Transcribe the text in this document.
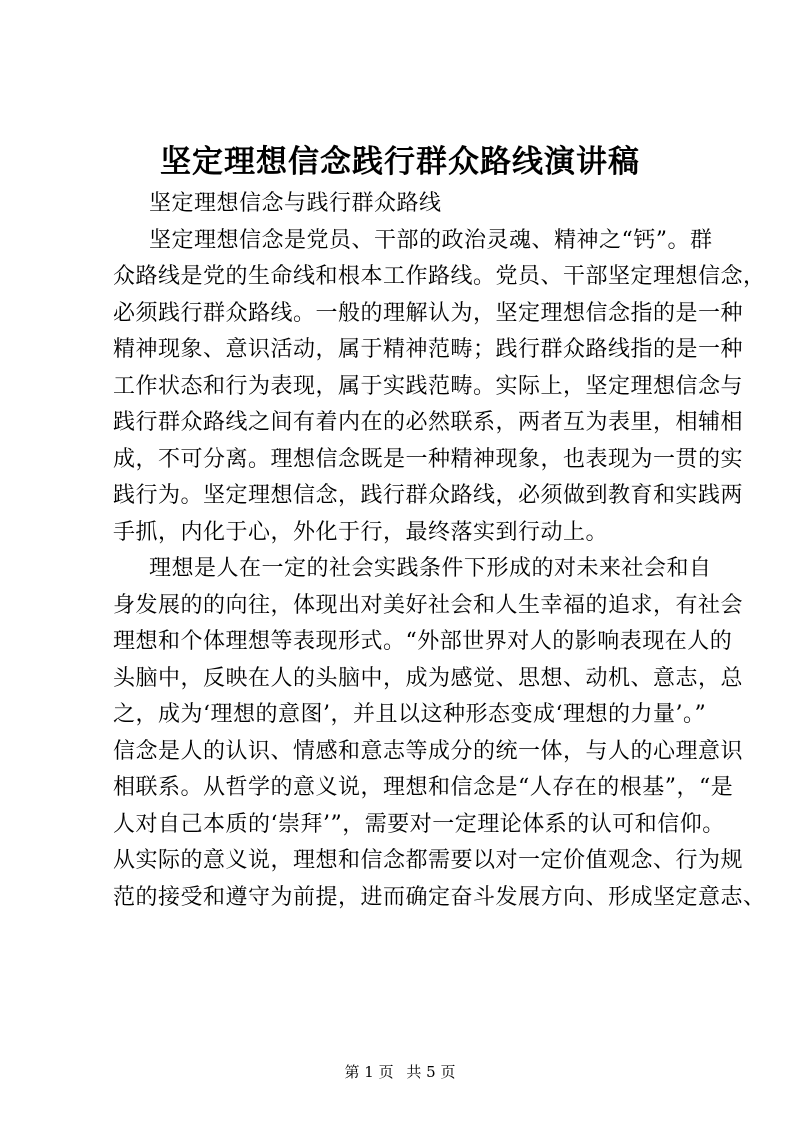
坚定理想信念践行群众路线演讲稿
坚定理想信念与践行群众路线
坚定理想信念是党员、干部的政治灵魂、精神之“钙”。群
众路线是党的生命线和根本工作路线。党员、干部坚定理想信念，
必须践行群众路线。一般的理解认为，坚定理想信念指的是一种
精神现象、意识活动，属于精神范畴；践行群众路线指的是一种
工作状态和行为表现，属于实践范畴。实际上，坚定理想信念与
践行群众路线之间有着内在的必然联系，两者互为表里，相辅相
成，不可分离。理想信念既是一种精神现象，也表现为一贯的实
践行为。坚定理想信念，践行群众路线，必须做到教育和实践两
手抓，内化于心，外化于行，最终落实到行动上。
理想是人在一定的社会实践条件下形成的对未来社会和自
身发展的的向往，体现出对美好社会和人生幸福的追求，有社会
理想和个体理想等表现形式。“外部世界对人的影响表现在人的
头脑中，反映在人的头脑中，成为感觉、思想、动机、意志，总
之，成为‘理想的意图’，并且以这种形态变成‘理想的力量’。”
信念是人的认识、情感和意志等成分的统一体，与人的心理意识
相联系。从哲学的意义说，理想和信念是“人存在的根基”，“是
人对自己本质的‘崇拜’”，需要对一定理论体系的认可和信仰。
从实际的意义说，理想和信念都需要以对一定价值观念、行为规
范的接受和遵守为前提，进而确定奋斗发展方向、形成坚定意志、
第 1 页 共 5 页
